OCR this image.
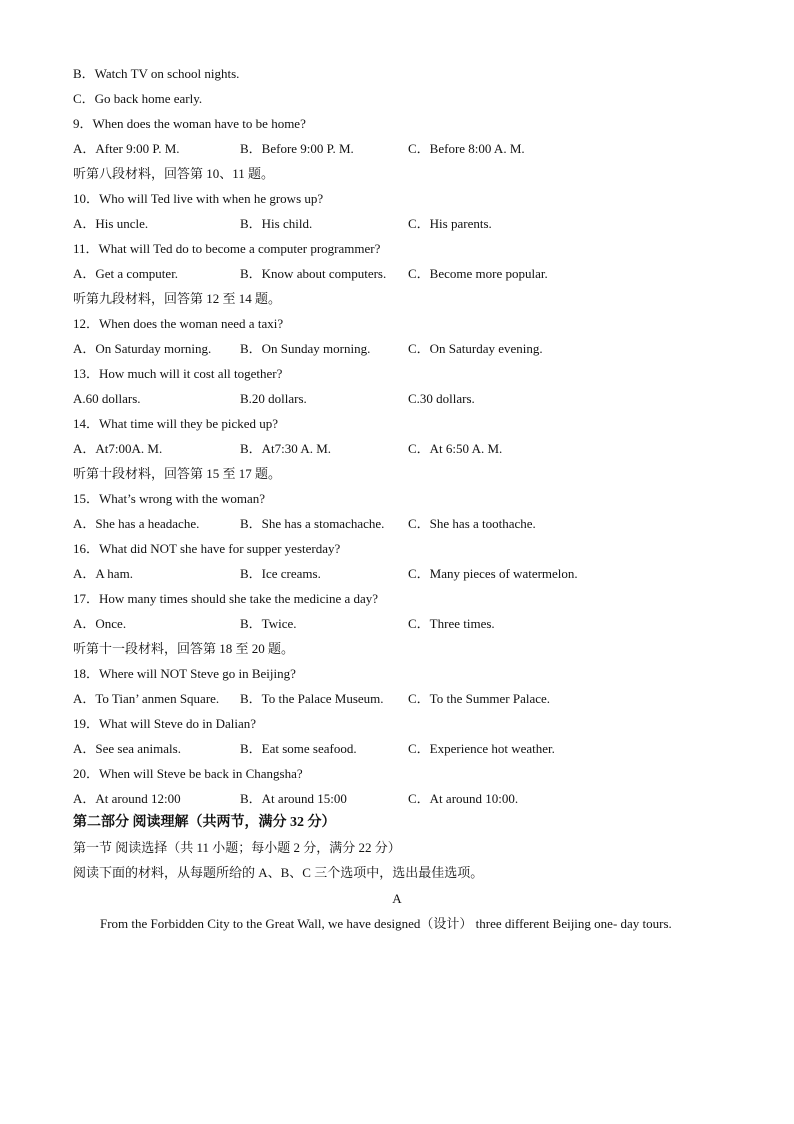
B．Watch TV on school nights.
C．Go back home early.
9．When does the woman have to be home?
A．After 9:00 P. M.	B．Before 9:00 P. M.	C．Before 8:00 A. M.
听第八段材料，回答第 10、11 题。
10．Who will Ted live with when he grows up?
A．His uncle.	B．His child.	C．His parents.
11．What will Ted do to become a computer programmer?
A．Get a computer.	B．Know about computers. C．Become more popular.
听第九段材料，回答第 12 至 14 题。
12．When does the woman need a taxi?
A．On Saturday morning. B．On Sunday morning.	C．On Saturday evening.
13．How much will it cost all together?
A.60 dollars.	B.20 dollars.	C.30 dollars.
14．What time will they be picked up?
A．At7:00A. M.	B．At7:30 A. M.	C．At 6:50 A. M.
听第十段材料，回答第 15 至 17 题。
15．What’s wrong with the woman?
A．She has a headache.	B．She has a stomachache. C．She has a toothache.
16．What did NOT she have for supper yesterday?
A．A ham.	B．Ice creams.	C．Many pieces of watermelon.
17．How many times should she take the medicine a day?
A．Once.	B．Twice.	C．Three times.
听第十一段材料，回答第 18 至 20 题。
18．Where will NOT Steve go in Beijing?
A．To Tian’ anmen Square. B．To the Palace Museum. C．To the Summer Palace.
19．What will Steve do in Dalian?
A．See sea animals.	B．Eat some seafood.	C．Experience hot weather.
20．When will Steve be back in Changsha?
A．At around 12:00	B．At around 15:00	C．At around 10:00.
第二部分 阅读理解（共两节，满分 32 分）
第一节 阅读选择（共 11 小题；每小题 2 分，满分 22 分）
阅读下面的材料，从每题所给的 A、B、C 三个选项中，选出最佳选项。
A
From the Forbidden City to the Great Wall, we have designed（设计） three different Beijing one- day tours.
